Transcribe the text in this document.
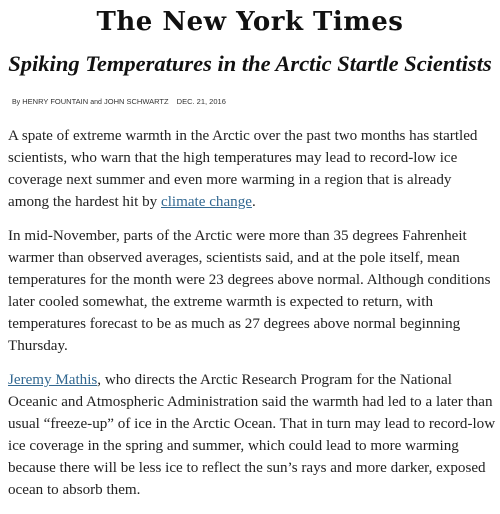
The New York Times
Spiking Temperatures in the Arctic Startle Scientists
By HENRY FOUNTAIN and JOHN SCHWARTZ DEC. 21, 2016

A spate of extreme warmth in the Arctic over the past two months has startled scientists, who warn that the high temperatures may lead to record-low ice coverage next summer and even more warming in a region that is already among the hardest hit by climate change.

In mid-November, parts of the Arctic were more than 35 degrees Fahrenheit warmer than observed averages, scientists said, and at the pole itself, mean temperatures for the month were 23 degrees above normal. Although conditions later cooled somewhat, the extreme warmth is expected to return, with temperatures forecast to be as much as 27 degrees above normal beginning Thursday.

Jeremy Mathis, who directs the Arctic Research Program for the National Oceanic and Atmospheric Administration said the warmth had led to a later than usual “freeze-up” of ice in the Arctic Ocean. That in turn may lead to record-low ice coverage in the spring and summer, which could lead to more warming because there will be less ice to reflect the sun’s rays and more darker, exposed ocean to absorb them.
